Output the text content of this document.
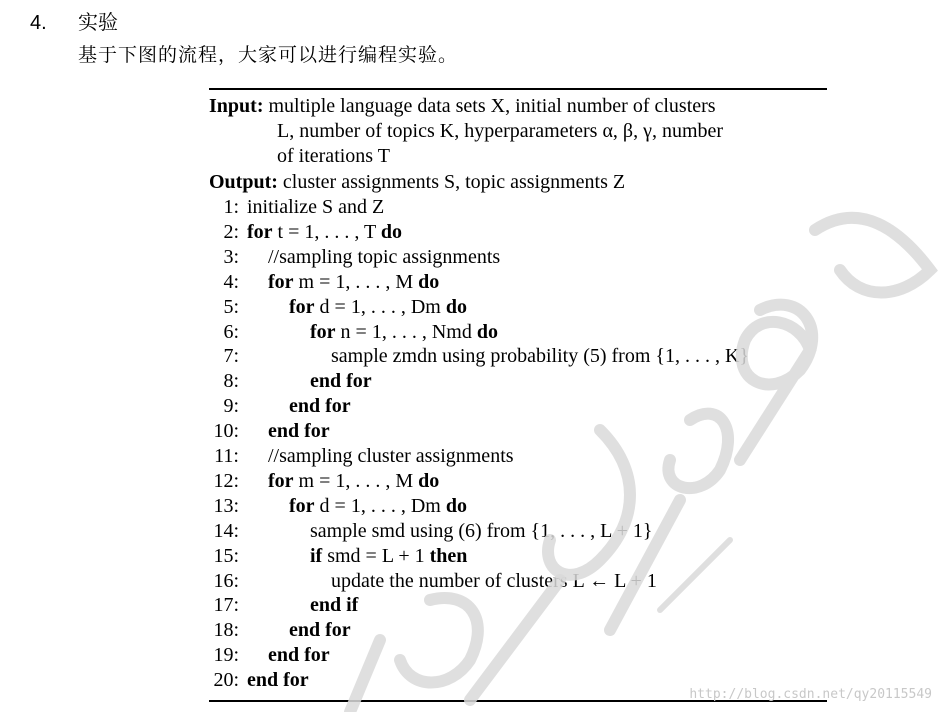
4. 实验
基于下图的流程，大家可以进行编程实验。
Input: multiple language data sets X, initial number of clusters
L, number of topics K, hyperparameters α, β, γ, number
of iterations T
Output: cluster assignments S, topic assignments Z
1: initialize S and Z
2: for t = 1, . . . , T do
3: //sampling topic assignments
4: for m = 1, . . . , M do
5:	for d = 1, . . . , Dm do
6:	for n = 1, . . . , Nmd do
7:	sample zmdn using probability (5) from {1, . . . , K}
8:	end for
9:	end for
10: end for
11: //sampling cluster assignments
12: for m = 1, . . . , M do
13:	for d = 1, . . . , Dm do
14:	sample smd using (6) from {1, . . . , L + 1}
15:	if smd = L + 1 then
16:	update the number of clusters L ← L + 1
17:	end if
18:	end for
19: end for
20: end for
http://blog.csdn.net/qy20115549
